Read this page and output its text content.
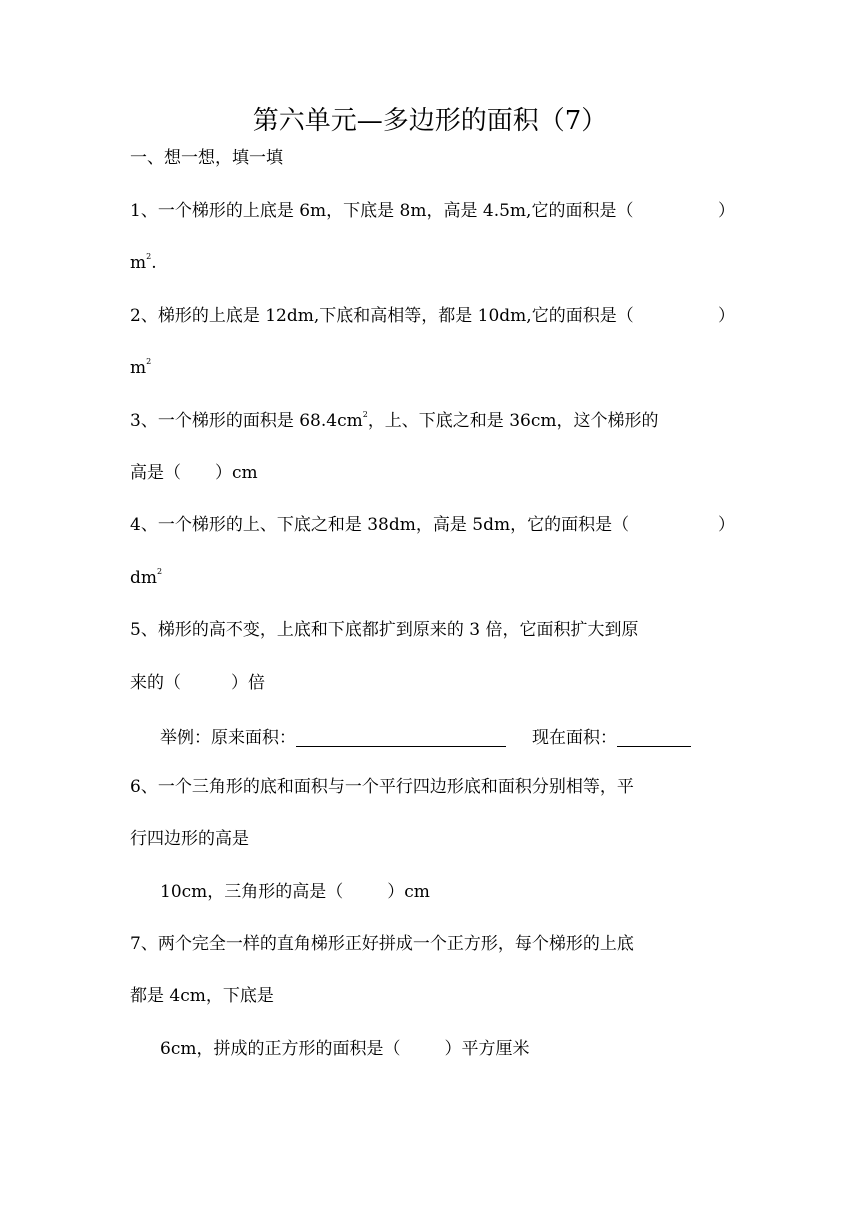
第六单元—多边形的面积（7）
一、想一想，填一填
1、一个梯形的上底是 6m，下底是 8m，高是 4.5m,它的面积是（	）
$m^2$.
2、梯形的上底是 12dm,下底和高相等，都是 10dm,它的面积是（	）
$m^2$
3、一个梯形的面积是 $68.4cm^2$，上、下底之和是 36cm，这个梯形的
高是（ ）cm
4、一个梯形的上、下底之和是 38dm，高是 5dm，它的面积是（	）
$dm^2$
5、梯形的高不变，上底和下底都扩到原来的 3 倍，它面积扩大到原
来的（	）倍
举例：原来面积：	现在面积：
6、一个三角形的底和面积与一个平行四边形底和面积分别相等，平
行四边形的高是
10cm，三角形的高是（	）cm
7、两个完全一样的直角梯形正好拼成一个正方形，每个梯形的上底
都是 4cm，下底是
6cm，拼成的正方形的面积是（	）平方厘米
